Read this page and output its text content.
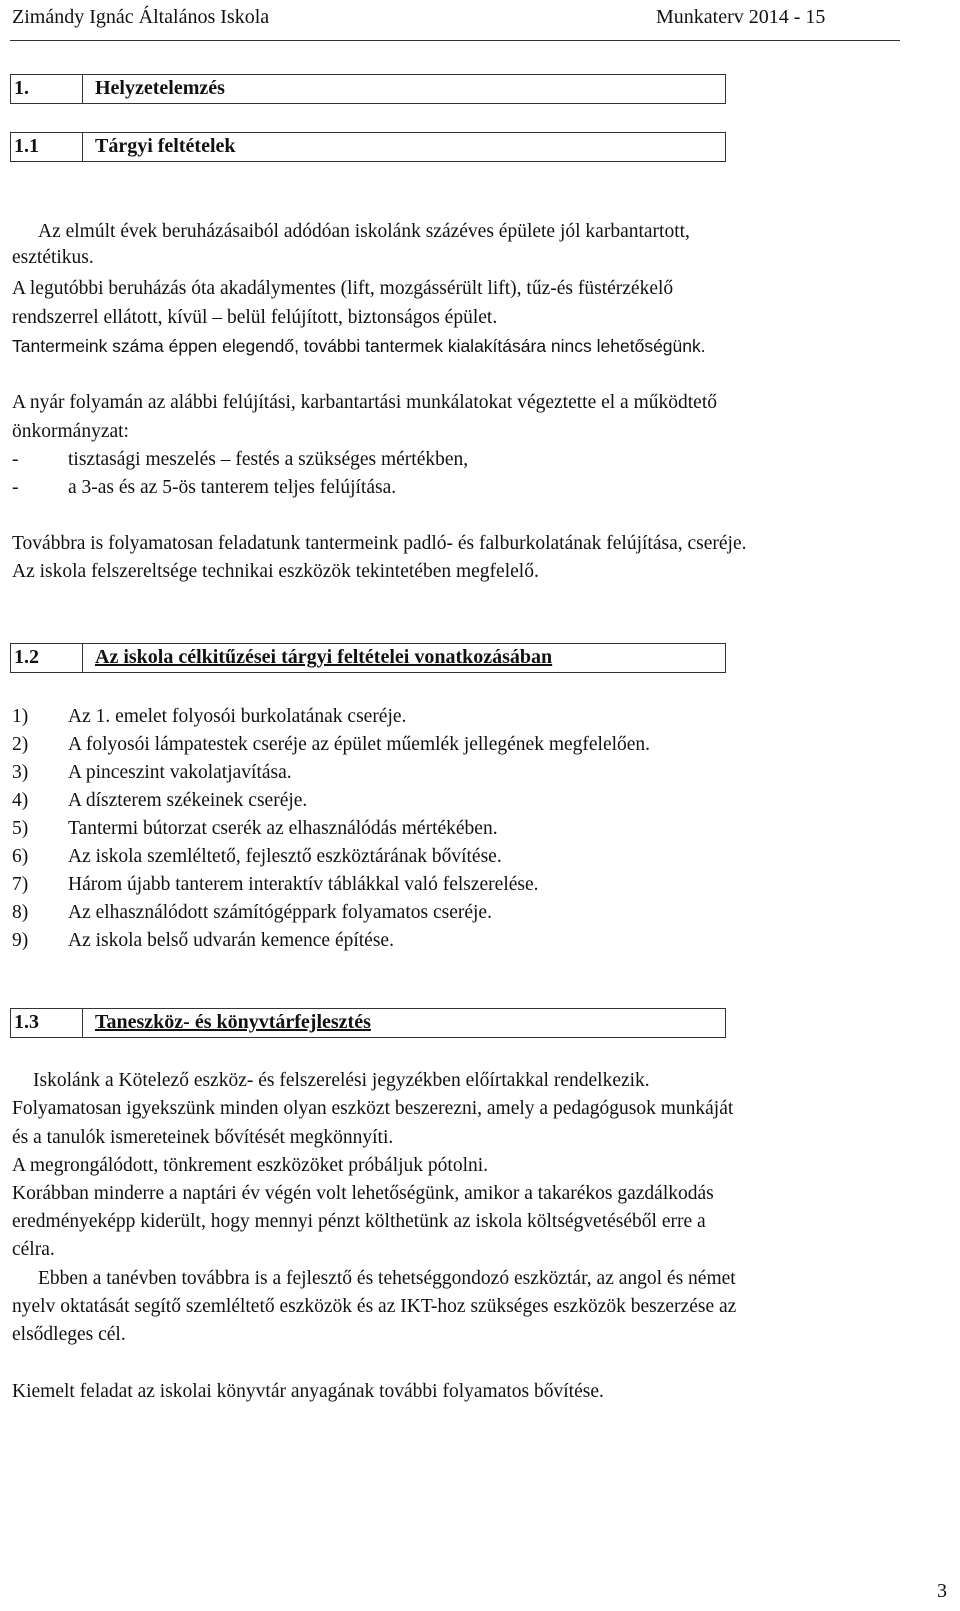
Zimándy Ignác Általános Iskola	Munkaterv 2014 - 15
1.	Helyzetelemzés
1.1	Tárgyi feltételek
Az elmúlt évek beruházásaiból adódóan iskolánk százéves épülete jól karbantartott,
esztétikus.
A legutóbbi beruházás óta akadálymentes (lift, mozgássérült lift), tűz-és füstérzékelő
rendszerrel ellátott, kívül – belül felújított, biztonságos épület.
Tantermeink száma éppen elegendő, további tantermek kialakítására nincs lehetőségünk.
A nyár folyamán az alábbi felújítási, karbantartási munkálatokat végeztette el a működtető
önkormányzat:
-	tisztasági meszelés – festés a szükséges mértékben,
-	a 3-as és az 5-ös tanterem teljes felújítása.
Továbbra is folyamatosan feladatunk tantermeink padló- és falburkolatának felújítása, cseréje.
Az iskola felszereltsége technikai eszközök tekintetében megfelelő.
1.2	Az iskola célkitűzései tárgyi feltételei vonatkozásában
1) Az 1. emelet folyosói burkolatának cseréje.
2) A folyosói lámpatestek cseréje az épület műemlék jellegének megfelelően.
3) A pinceszint vakolatjavítása.
4) A díszterem székeinek cseréje.
5) Tantermi bútorzat cserék az elhasználódás mértékében.
6) Az iskola szemléltető, fejlesztő eszköztárának bővítése.
7) Három újabb tanterem interaktív táblákkal való felszerelése.
8) Az elhasználódott számítógéppark folyamatos cseréje.
9) Az iskola belső udvarán kemence építése.
1.3	Taneszköz- és könyvtárfejlesztés
Iskolánk a Kötelező eszköz- és felszerelési jegyzékben előírtakkal rendelkezik.
Folyamatosan igyekszünk minden olyan eszközt beszerezni, amely a pedagógusok munkáját
és a tanulók ismereteinek bővítését megkönnyíti.
A megrongálódott, tönkrement eszközöket próbáljuk pótolni.
Korábban minderre a naptári év végén volt lehetőségünk, amikor a takarékos gazdálkodás
eredményeképp kiderült, hogy mennyi pénzt költhetünk az iskola költségvetéséből erre a
célra.
Ebben a tanévben továbbra is a fejlesztő és tehetséggondozó eszköztár, az angol és német
nyelv oktatását segítő szemléltető eszközök és az IKT-hoz szükséges eszközök beszerzése az
elsődleges cél.
Kiemelt feladat az iskolai könyvtár anyagának további folyamatos bővítése.
3
